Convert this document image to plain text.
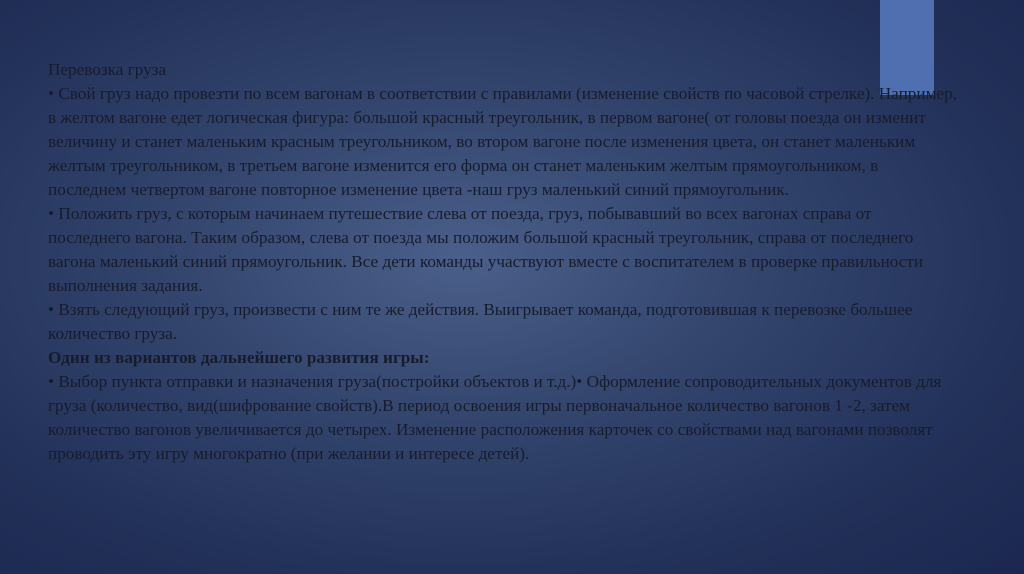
Перевозка груза

• Свой груз надо провезти по всем вагонам в соответствии с правилами (изменение свойств по часовой стрелке). Например, в желтом вагоне едет логическая фигура: большой красный треугольник, в первом вагоне( от головы поезда он изменит величину и станет маленьким красным треугольником, во втором вагоне после изменения цвета, он станет маленьким желтым треугольником, в третьем вагоне изменится его форма он станет маленьким желтым прямоугольником, в последнем четвертом вагоне повторное изменение цвета -наш груз маленький синий прямоугольник.

• Положить груз, с которым начинаем путешествие слева от поезда, груз, побывавший во всех вагонах справа от последнего вагона. Таким образом, слева от поезда мы положим большой красный треугольник, справа от последнего вагона маленький синий прямоугольник. Все дети команды участвуют вместе с воспитателем в проверке правильности выполнения задания.

• Взять следующий груз, произвести с ним те же действия. Выигрывает команда, подготовившая к перевозке большее количество груза.

Один из вариантов дальнейшего развития игры:

• Выбор пункта отправки и назначения груза(постройки объектов и т.д.)• Оформление сопроводительных документов для груза (количество, вид(шифрование свойств).В период освоения игры первоначальное количество вагонов 1 -2, затем количество вагонов увеличивается до четырех. Изменение расположения карточек со свойствами над вагонами позволят проводить эту игру многократно (при желании и интересе детей).
